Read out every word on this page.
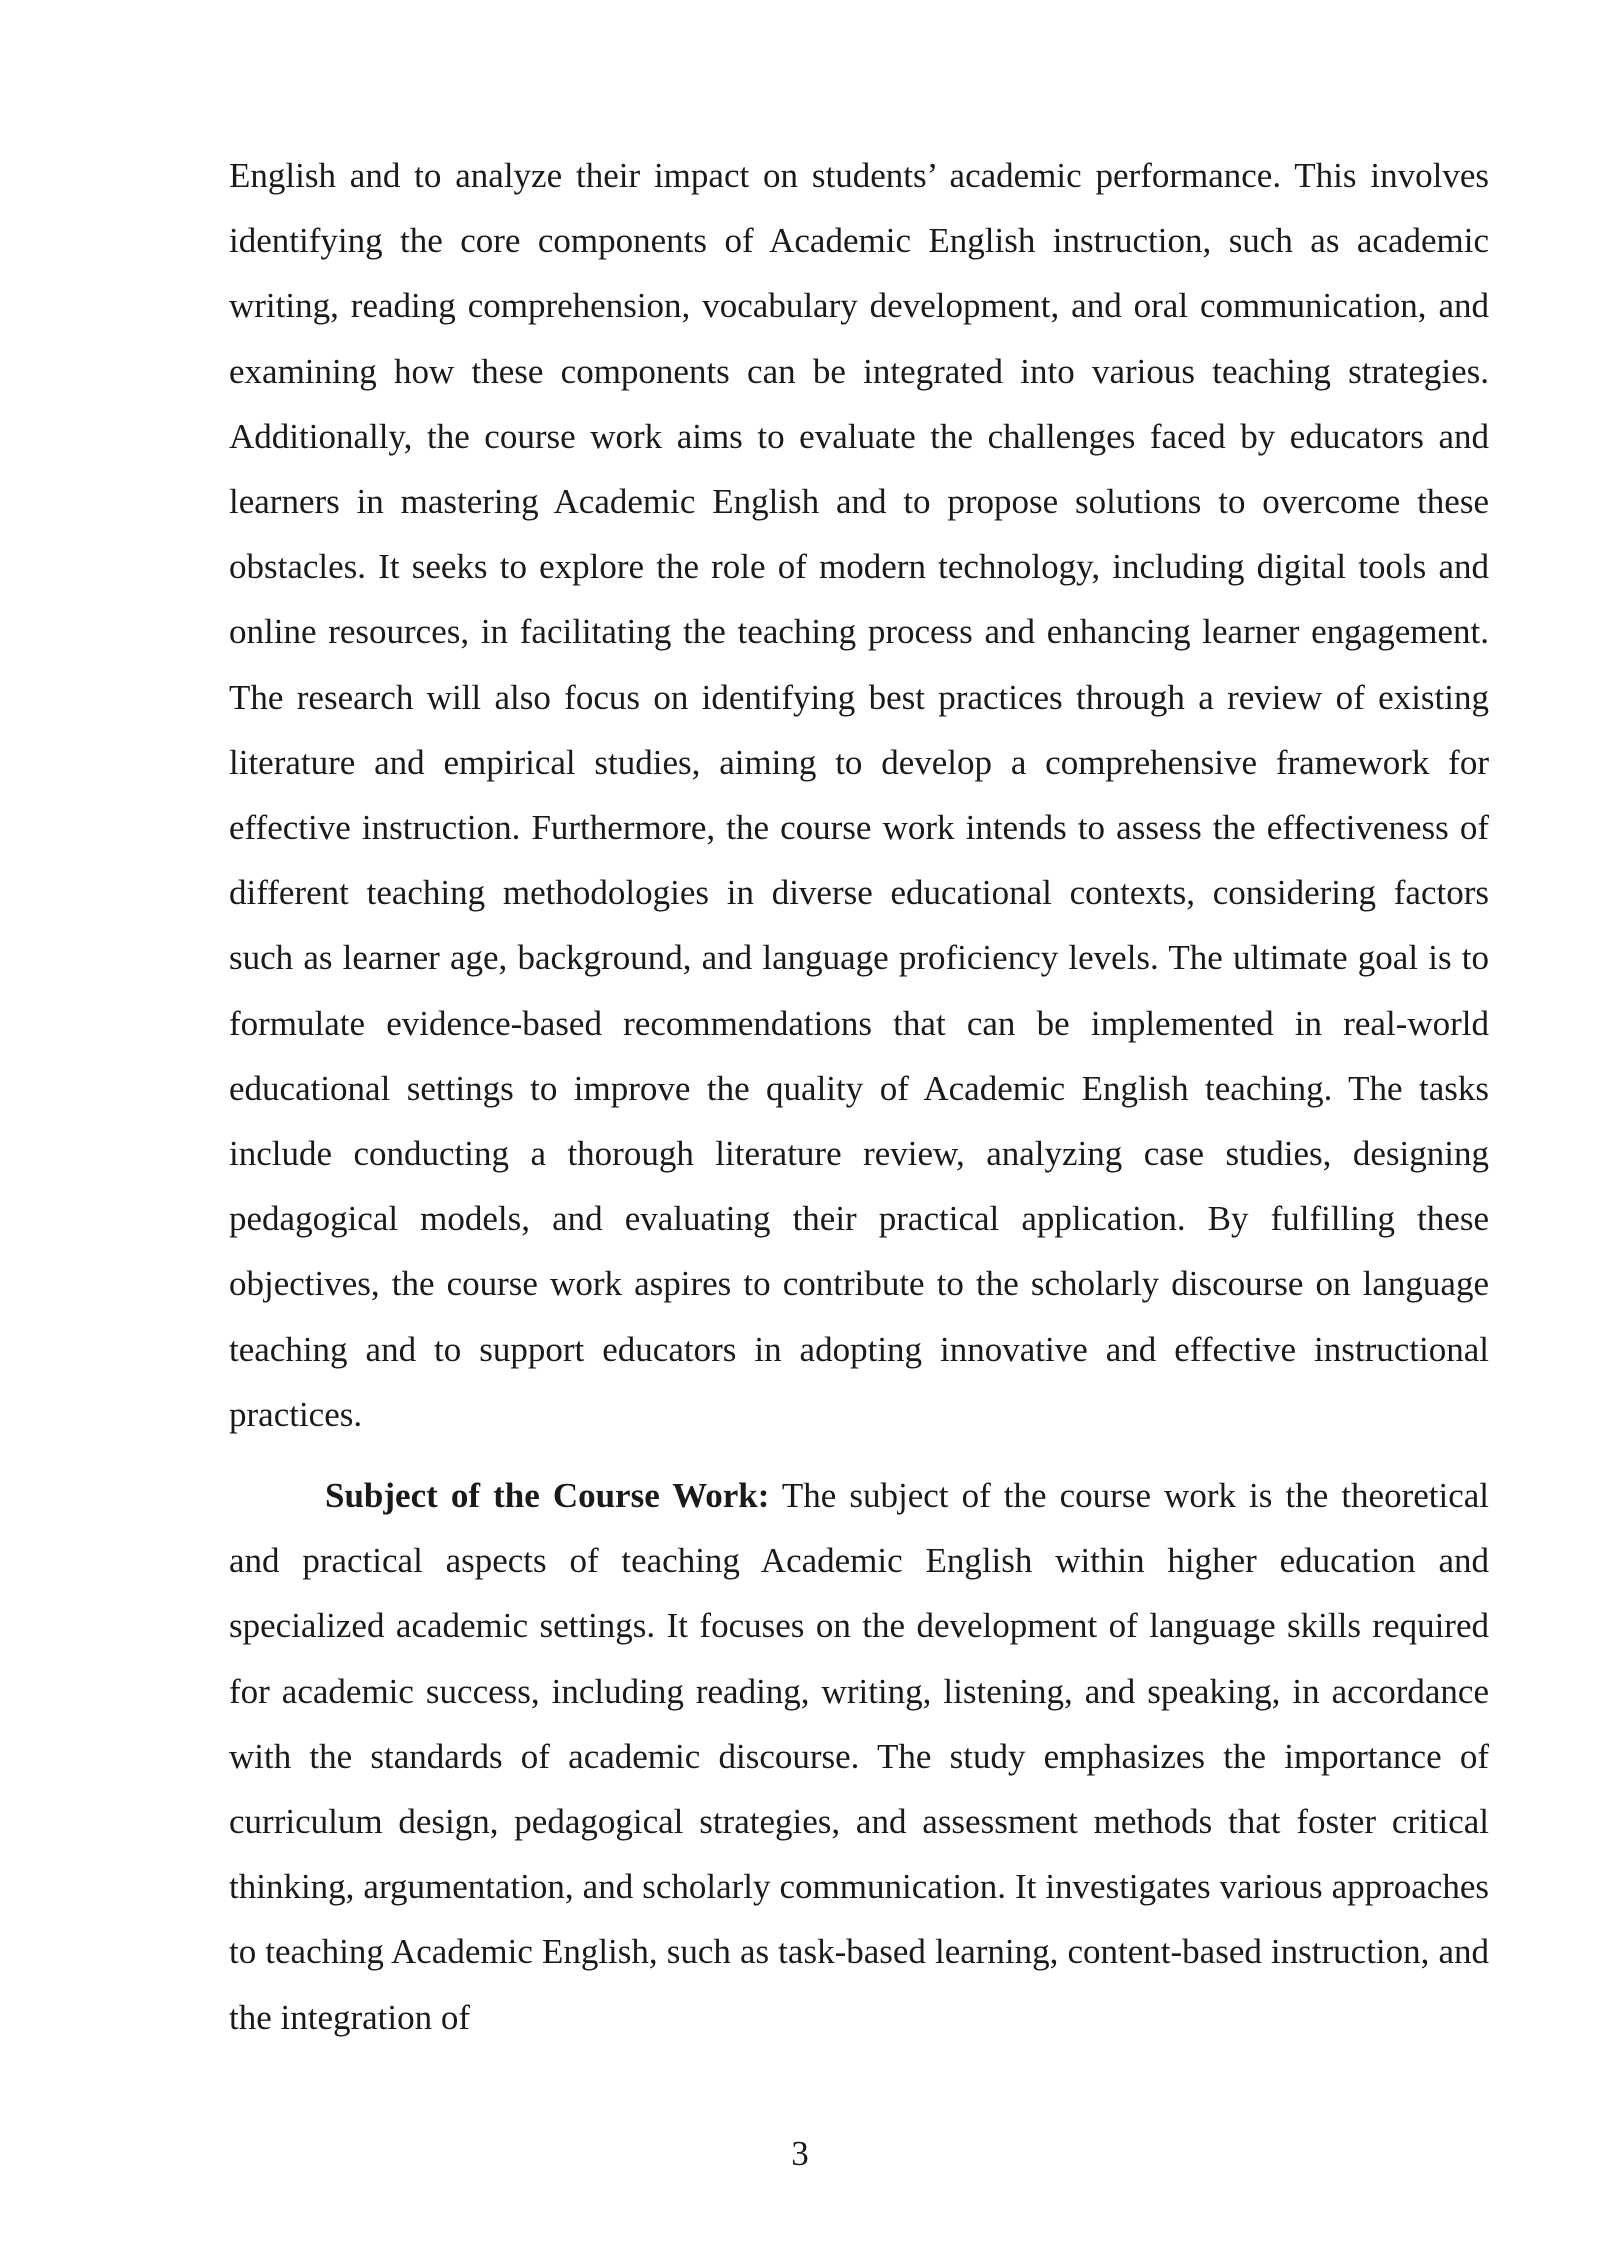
English and to analyze their impact on students’ academic performance. This involves identifying the core components of Academic English instruction, such as academic writing, reading comprehension, vocabulary development, and oral communication, and examining how these components can be integrated into various teaching strategies. Additionally, the course work aims to evaluate the challenges faced by educators and learners in mastering Academic English and to propose solutions to overcome these obstacles. It seeks to explore the role of modern technology, including digital tools and online resources, in facilitating the teaching process and enhancing learner engagement. The research will also focus on identifying best practices through a review of existing literature and empirical studies, aiming to develop a comprehensive framework for effective instruction. Furthermore, the course work intends to assess the effectiveness of different teaching methodologies in diverse educational contexts, considering factors such as learner age, background, and language proficiency levels. The ultimate goal is to formulate evidence-based recommendations that can be implemented in real-world educational settings to improve the quality of Academic English teaching. The tasks include conducting a thorough literature review, analyzing case studies, designing pedagogical models, and evaluating their practical application. By fulfilling these objectives, the course work aspires to contribute to the scholarly discourse on language teaching and to support educators in adopting innovative and effective instructional practices.

Subject of the Course Work: The subject of the course work is the theoretical and practical aspects of teaching Academic English within higher education and specialized academic settings. It focuses on the development of language skills required for academic success, including reading, writing, listening, and speaking, in accordance with the standards of academic discourse. The study emphasizes the importance of curriculum design, pedagogical strategies, and assessment methods that foster critical thinking, argumentation, and scholarly communication. It investigates various approaches to teaching Academic English, such as task-based learning, content-based instruction, and the integration of

3
